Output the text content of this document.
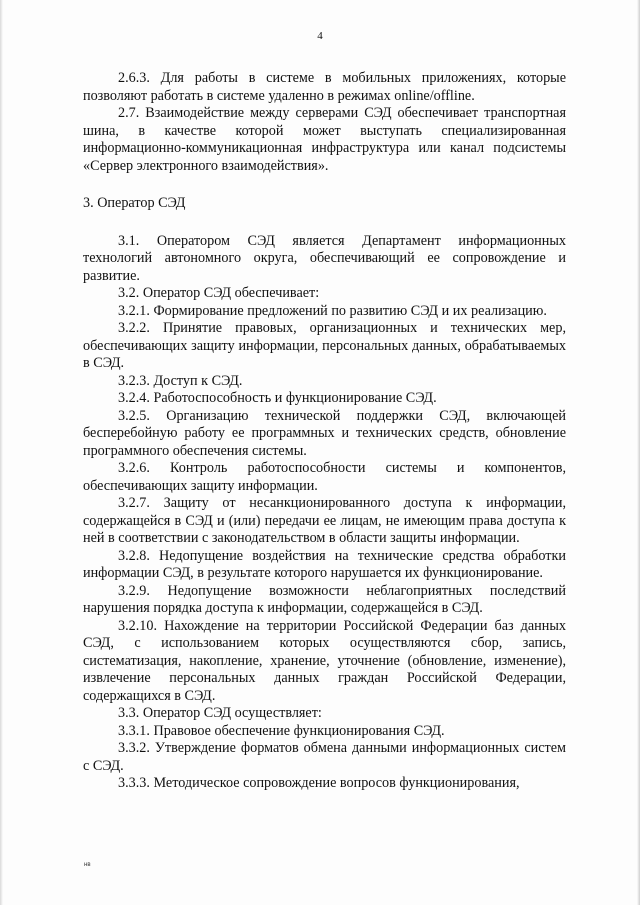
4

2.6.3. Для работы в системе в мобильных приложениях, которые позволяют работать в системе удаленно в режимах online/offline.

2.7. Взаимодействие между серверами СЭД обеспечивает транспортная шина, в качестве которой может выступать специализированная информационно-коммуникационная инфраструктура или канал подсистемы «Сервер электронного взаимодействия».

3. Оператор СЭД

3.1. Оператором СЭД является Департамент информационных технологий автономного округа, обеспечивающий ее сопровождение и развитие.

3.2. Оператор СЭД обеспечивает:

3.2.1. Формирование предложений по развитию СЭД и их реализацию.

3.2.2. Принятие правовых, организационных и технических мер, обеспечивающих защиту информации, персональных данных, обрабатываемых в СЭД.

3.2.3. Доступ к СЭД.

3.2.4. Работоспособность и функционирование СЭД.

3.2.5. Организацию технической поддержки СЭД, включающей бесперебойную работу ее программных и технических средств, обновление программного обеспечения системы.

3.2.6. Контроль работоспособности системы и компонентов, обеспечивающих защиту информации.

3.2.7. Защиту от несанкционированного доступа к информации, содержащейся в СЭД и (или) передачи ее лицам, не имеющим права доступа к ней в соответствии с законодательством в области защиты информации.

3.2.8. Недопущение воздействия на технические средства обработки информации СЭД, в результате которого нарушается их функционирование.

3.2.9. Недопущение возможности неблагоприятных последствий нарушения порядка доступа к информации, содержащейся в СЭД.

3.2.10. Нахождение на территории Российской Федерации баз данных СЭД, с использованием которых осуществляются сбор, запись, систематизация, накопление, хранение, уточнение (обновление, изменение), извлечение персональных данных граждан Российской Федерации, содержащихся в СЭД.

3.3. Оператор СЭД осуществляет:

3.3.1. Правовое обеспечение функционирования СЭД.

3.3.2. Утверждение форматов обмена данными информационных систем с СЭД.

3.3.3. Методическое сопровождение вопросов функционирования,

нв
